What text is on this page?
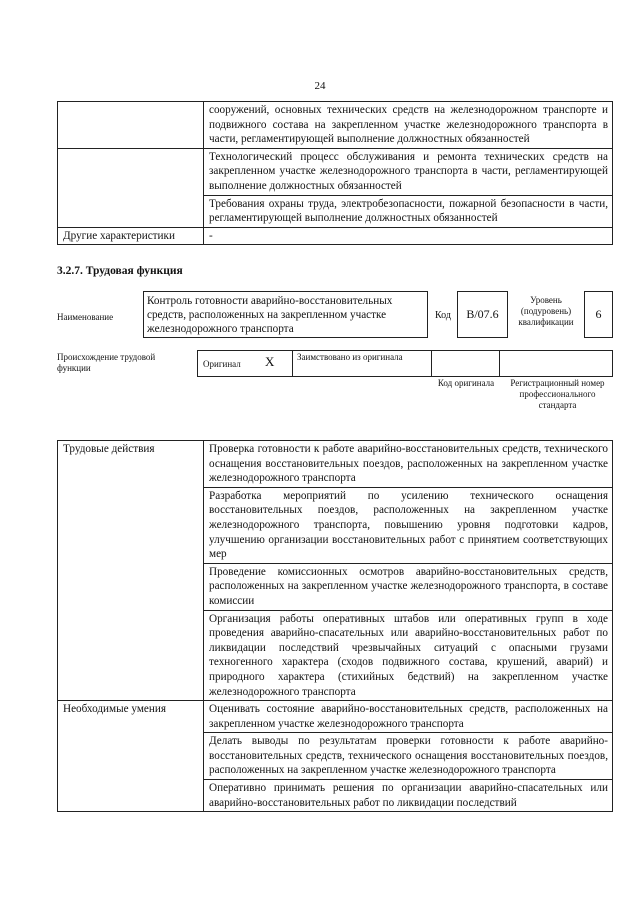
24
	сооружений, основных технических средств на железнодорожном транспорте и подвижного состава на закрепленном участке железнодорожного транспорта в части, регламентирующей выполнение должностных обязанностей
	Технологический процесс обслуживания и ремонта технических средств на закрепленном участке железнодорожного транспорта в части, регламентирующей выполнение должностных обязанностей
	Требования охраны труда, электробезопасности, пожарной безопасности в части, регламентирующей выполнение должностных обязанностей
Другие характеристики	-
3.2.7. Трудовая функция
Наименование
Контроль готовности аварийно-восстановительных средств, расположенных на закрепленном участке железнодорожного транспорта
Код	B/07.6
Уровень (подуровень) квалификации
6
Происхождение трудовой функции	Оригинал X	Заимствовано из оригинала
Код оригинала Регистрационный номер профессионального стандарта
Трудовые действия	Проверка готовности к работе аварийно-восстановительных средств, технического оснащения восстановительных поездов, расположенных на закрепленном участке железнодорожного транспорта
	Разработка мероприятий по усилению технического оснащения восстановительных поездов, расположенных на закрепленном участке железнодорожного транспорта, повышению уровня подготовки кадров, улучшению организации восстановительных работ с принятием соответствующих мер
	Проведение комиссионных осмотров аварийно-восстановительных средств, расположенных на закрепленном участке железнодорожного транспорта, в составе комиссии
	Организация работы оперативных штабов или оперативных групп в ходе проведения аварийно-спасательных или аварийно-восстановительных работ по ликвидации последствий чрезвычайных ситуаций с опасными грузами техногенного характера (сходов подвижного состава, крушений, аварий) и природного характера (стихийных бедствий) на закрепленном участке железнодорожного транспорта
Необходимые умения	Оценивать состояние аварийно-восстановительных средств, расположенных на закрепленном участке железнодорожного транспорта
	Делать выводы по результатам проверки готовности к работе аварийно-восстановительных средств, технического оснащения восстановительных поездов, расположенных на закрепленном участке железнодорожного транспорта
	Оперативно принимать решения по организации аварийно-спасательных или аварийно-восстановительных работ по ликвидации последствий
